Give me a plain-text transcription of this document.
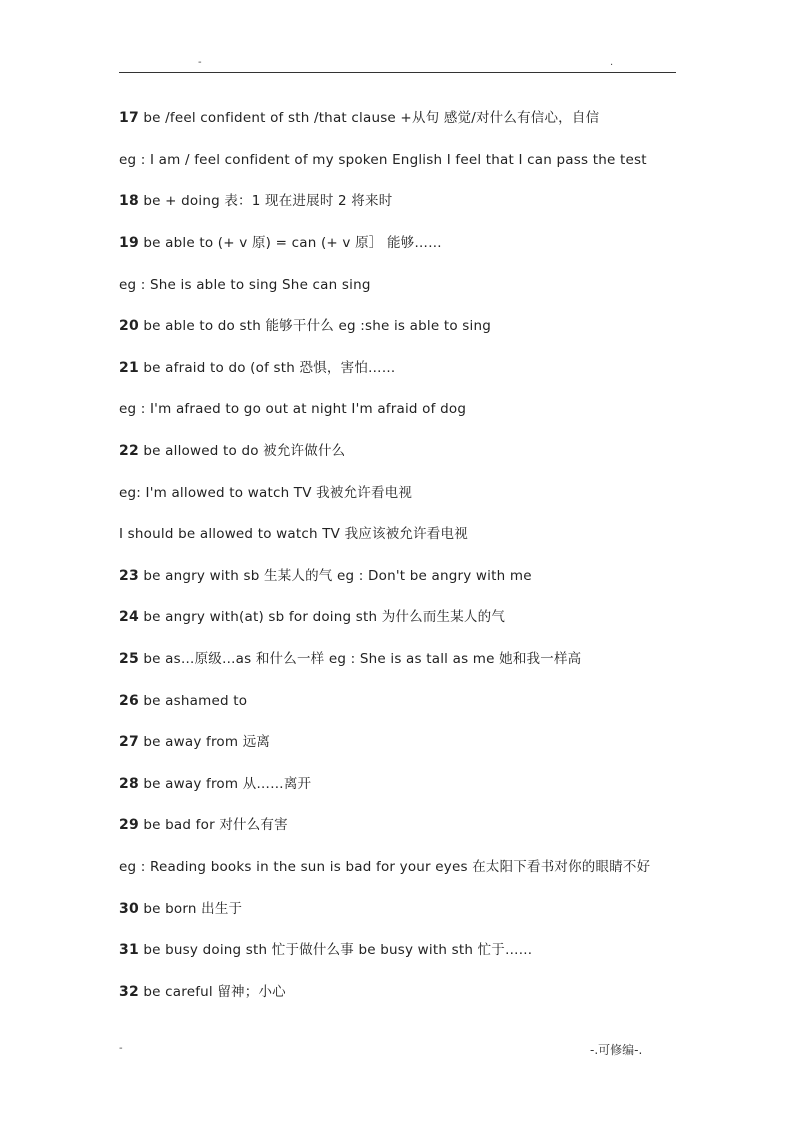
-	.
17 be /feel confident of sth /that clause +从句 感觉/对什么有信心，自信
eg : I am / feel confident of my spoken English I feel that I can pass the test
18 be + doing 表：1 现在进展时 2 将来时
19 be able to (+ v 原) = can (+ v 原］ 能够……
eg : She is able to sing She can sing
20 be able to do sth 能够干什么 eg :she is able to sing
21 be afraid to do (of sth 恐惧，害怕……
eg : I'm afraed to go out at night I'm afraid of dog
22 be allowed to do 被允许做什么
eg: I'm allowed to watch TV 我被允许看电视
I should be allowed to watch TV 我应该被允许看电视
23 be angry with sb 生某人的气 eg : Don't be angry with me
24 be angry with(at) sb for doing sth 为什么而生某人的气
25 be as…原级…as 和什么一样 eg : She is as tall as me 她和我一样高
26 be ashamed to
27 be away from 远离
28 be away from 从……离开
29 be bad for 对什么有害
eg : Reading books in the sun is bad for your eyes 在太阳下看书对你的眼睛不好
30 be born 出生于
31 be busy doing sth 忙于做什么事 be busy with sth 忙于……
32 be careful 留神；小心
-	-.可修编-.
